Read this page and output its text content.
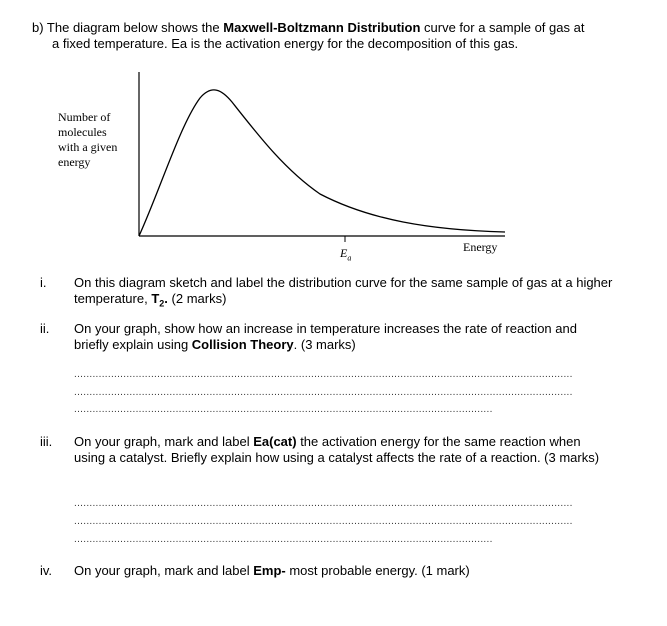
b) The diagram below shows the Maxwell-Boltzmann Distribution curve for a sample of gas at
a fixed temperature. Ea is the activation energy for the decomposition of this gas.
Number of
molecules
with a given
energy
$E_a$
Energy
i.	On this diagram sketch and label the distribution curve for the same sample of gas at a higher temperature, $T_2$. (2 marks)
ii.	On your graph, show how an increase in temperature increases the rate of reaction and briefly explain using Collision Theory. (3 marks)
..................................................................................................................................................................
..................................................................................................................................................................
........................................................................................................................................
iii.	On your graph, mark and label Ea(cat) the activation energy for the same reaction when using a catalyst. Briefly explain how using a catalyst affects the rate of a reaction. (3 marks)
..................................................................................................................................................................
..................................................................................................................................................................
........................................................................................................................................
iv.	On your graph, mark and label Emp- most probable energy. (1 mark)
